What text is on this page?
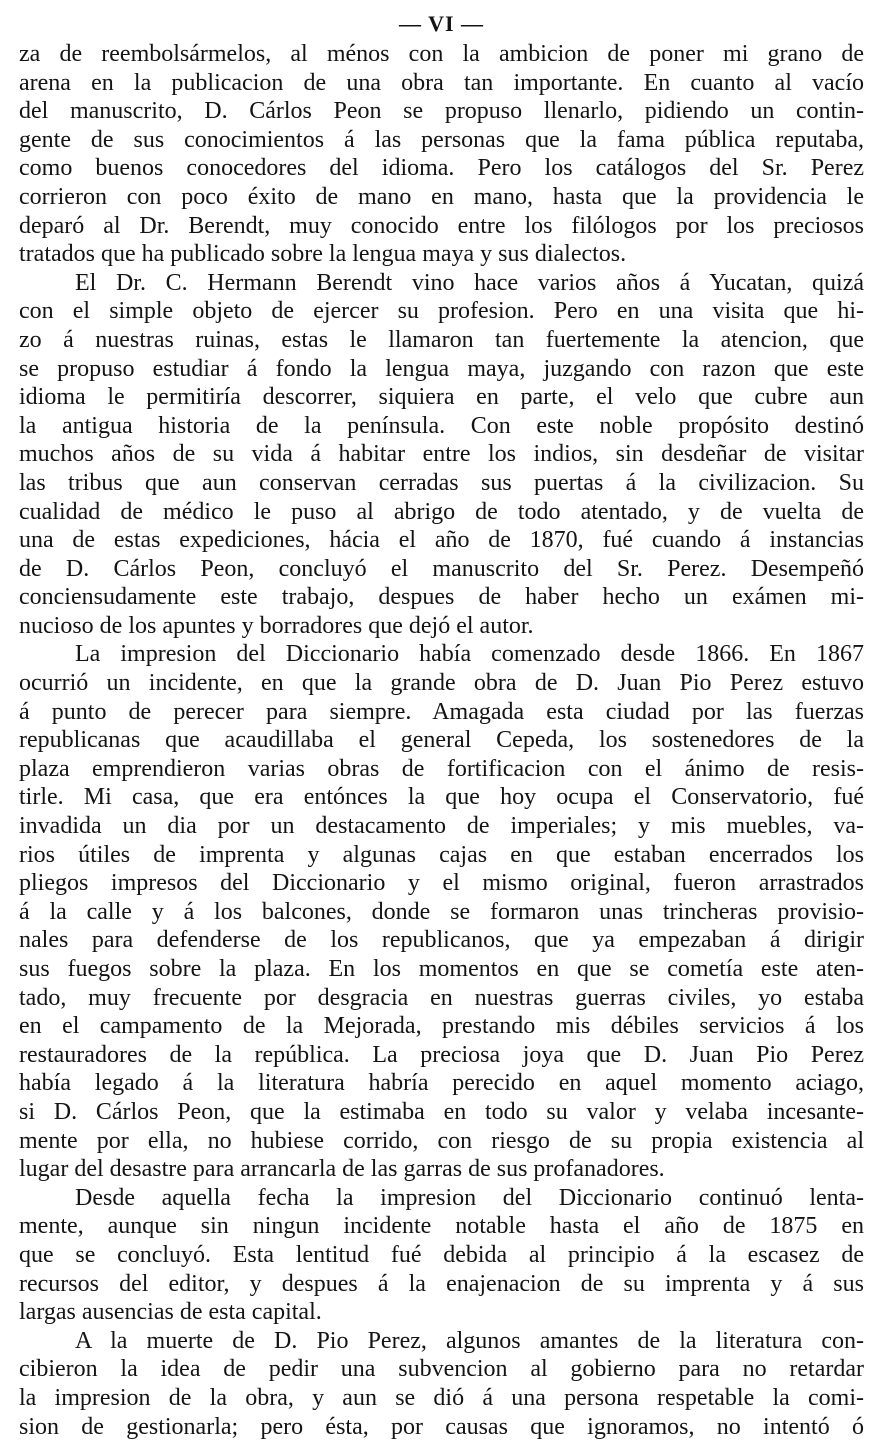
— VI —
za de reembolsármelos, al ménos con la ambicion de poner mi grano de
arena en la publicacion de una obra tan importante. En cuanto al vacío
del manuscrito, D. Cárlos Peon se propuso llenarlo, pidiendo un contin-
gente de sus conocimientos á las personas que la fama pública reputaba,
como buenos conocedores del idioma. Pero los catálogos del Sr. Perez
corrieron con poco éxito de mano en mano, hasta que la providencia le
deparó al Dr. Berendt, muy conocido entre los filólogos por los preciosos
tratados que ha publicado sobre la lengua maya y sus dialectos.
El Dr. C. Hermann Berendt vino hace varios años á Yucatan, quizá
con el simple objeto de ejercer su profesion. Pero en una visita que hi-
zo á nuestras ruinas, estas le llamaron tan fuertemente la atencion, que
se propuso estudiar á fondo la lengua maya, juzgando con razon que este
idioma le permitiría descorrer, siquiera en parte, el velo que cubre aun
la antigua historia de la península. Con este noble propósito destinó
muchos años de su vida á habitar entre los indios, sin desdeñar de visitar
las tribus que aun conservan cerradas sus puertas á la civilizacion. Su
cualidad de médico le puso al abrigo de todo atentado, y de vuelta de
una de estas expediciones, hácia el año de 1870, fué cuando á instancias
de D. Cárlos Peon, concluyó el manuscrito del Sr. Perez. Desempeñó
conciensudamente este trabajo, despues de haber hecho un exámen mi-
nucioso de los apuntes y borradores que dejó el autor.
La impresion del Diccionario había comenzado desde 1866. En 1867
ocurrió un incidente, en que la grande obra de D. Juan Pio Perez estuvo
á punto de perecer para siempre. Amagada esta ciudad por las fuerzas
republicanas que acaudillaba el general Cepeda, los sostenedores de la
plaza emprendieron varias obras de fortificacion con el ánimo de resis-
tirle. Mi casa, que era entónces la que hoy ocupa el Conservatorio, fué
invadida un dia por un destacamento de imperiales; y mis muebles, va-
rios útiles de imprenta y algunas cajas en que estaban encerrados los
pliegos impresos del Diccionario y el mismo original, fueron arrastrados
á la calle y á los balcones, donde se formaron unas trincheras provisio-
nales para defenderse de los republicanos, que ya empezaban á dirigir
sus fuegos sobre la plaza. En los momentos en que se cometía este aten-
tado, muy frecuente por desgracia en nuestras guerras civiles, yo estaba
en el campamento de la Mejorada, prestando mis débiles servicios á los
restauradores de la república. La preciosa joya que D. Juan Pio Perez
había legado á la literatura habría perecido en aquel momento aciago,
si D. Cárlos Peon, que la estimaba en todo su valor y velaba incesante-
mente por ella, no hubiese corrido, con riesgo de su propia existencia al
lugar del desastre para arrancarla de las garras de sus profanadores.
Desde aquella fecha la impresion del Diccionario continuó lenta-
mente, aunque sin ningun incidente notable hasta el año de 1875 en
que se concluyó. Esta lentitud fué debida al principio á la escasez de
recursos del editor, y despues á la enajenacion de su imprenta y á sus
largas ausencias de esta capital.
A la muerte de D. Pio Perez, algunos amantes de la literatura con-
cibieron la idea de pedir una subvencion al gobierno para no retardar
la impresion de la obra, y aun se dió á una persona respetable la comi-
sion de gestionarla; pero ésta, por causas que ignoramos, no intentó ó
